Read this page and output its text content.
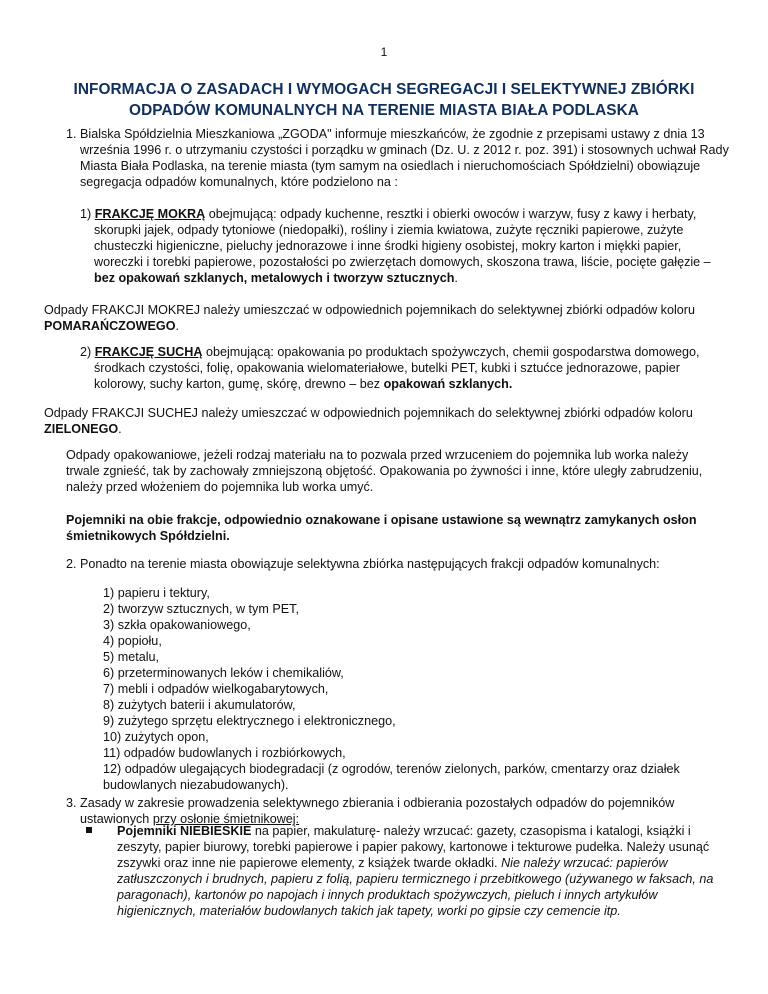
1
INFORMACJA O ZASADACH I WYMOGACH SEGREGACJI I SELEKTYWNEJ ZBIÓRKI
ODPADÓW KOMUNALNYCH NA TERENIE MIASTA BIAŁA PODLASKA
1. Bialska Spółdzielnia Mieszkaniowa „ZGODA" informuje mieszkańców, że zgodnie z przepisami ustawy z dnia 13 września 1996 r. o utrzymaniu czystości i porządku w gminach (Dz. U. z 2012 r. poz. 391) i stosownych uchwał Rady Miasta Biała Podlaska, na terenie miasta (tym samym na osiedlach i nieruchomościach Spółdzielni) obowiązuje segregacja odpadów komunalnych, które podzielono na :
1) FRAKCJĘ MOKRĄ obejmującą: odpady kuchenne, resztki i obierki owoców i warzyw, fusy z kawy i herbaty, skorupki jajek, odpady tytoniowe (niedopałki), rośliny i ziemia kwiatowa, zużyte ręczniki papierowe, zużyte chusteczki higieniczne, pieluchy jednorazowe i inne środki higieny osobistej, mokry karton i miękki papier, woreczki i torebki papierowe, pozostałości po zwierzętach domowych, skoszona trawa, liście, pocięte gałęzie – bez opakowań szklanych, metalowych i tworzyw sztucznych.
Odpady FRAKCJI MOKREJ należy umieszczać w odpowiednich pojemnikach do selektywnej zbiórki odpadów koloru POMARAŃCZOWEGO.
2) FRAKCJĘ SUCHĄ obejmującą: opakowania po produktach spożywczych, chemii gospodarstwa domowego, środkach czystości, folię, opakowania wielomateriałowe, butelki PET, kubki i sztućce jednorazowe, papier kolorowy, suchy karton, gumę, skórę, drewno – bez opakowań szklanych.
Odpady FRAKCJI SUCHEJ należy umieszczać w odpowiednich pojemnikach do selektywnej zbiórki odpadów koloru ZIELONEGO.
Odpady opakowaniowe, jeżeli rodzaj materiału na to pozwala przed wrzuceniem do pojemnika lub worka należy trwale zgnieść, tak by zachowały zmniejszoną objętość. Opakowania po żywności i inne, które uległy zabrudzeniu, należy przed włożeniem do pojemnika lub worka umyć.
Pojemniki na obie frakcje, odpowiednio oznakowane i opisane ustawione są wewnątrz zamykanych osłon śmietnikowych Spółdzielni.
2. Ponadto na terenie miasta obowiązuje selektywna zbiórka następujących frakcji odpadów komunalnych:
1) papieru i tektury,
2) tworzyw sztucznych, w tym PET,
3) szkła opakowaniowego,
4) popiołu,
5) metalu,
6) przeterminowanych leków i chemikaliów,
7) mebli i odpadów wielkogabarytowych,
8) zużytych baterii i akumulatorów,
9) zużytego sprzętu elektrycznego i elektronicznego,
10) zużytych opon,
11) odpadów budowlanych i rozbiórkowych,
12) odpadów ulegających biodegradacji (z ogrodów, terenów zielonych, parków, cmentarzy oraz działek budowlanych niezabudowanych).
3. Zasady w zakresie prowadzenia selektywnego zbierania i odbierania pozostałych odpadów do pojemników ustawionych przy osłonie śmietnikowej:
Pojemniki NIEBIESKIE na papier, makulaturę- należy wrzucać: gazety, czasopisma i katalogi, książki i zeszyty, papier biurowy, torebki papierowe i papier pakowy, kartonowe i tekturowe pudełka. Należy usunąć zszywki oraz inne nie papierowe elementy, z książek twarde okładki. Nie należy wrzucać: papierów zatłuszczonych i brudnych, papieru z folią, papieru termicznego i przebitkowego (używanego w faksach, na paragonach), kartonów po napojach i innych produktach spożywczych, pieluch i innych artykułów higienicznych, materiałów budowlanych takich jak tapety, worki po gipsie czy cemencie itp.
